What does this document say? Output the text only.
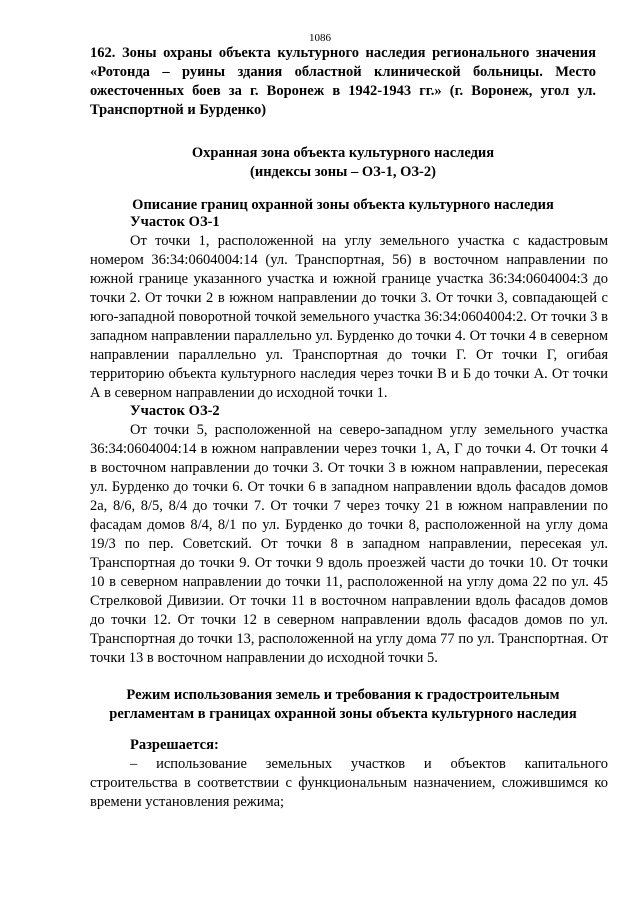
1086
162. Зоны охраны объекта культурного наследия регионального значения «Ротонда – руины здания областной клинической больницы. Место ожесточенных боев за г. Воронеж в 1942-1943 гг.» (г. Воронеж, угол ул. Транспортной и Бурденко)
Охранная зона объекта культурного наследия
(индексы зоны – ОЗ-1, ОЗ-2)
Описание границ охранной зоны объекта культурного наследия
Участок ОЗ-1

От точки 1, расположенной на углу земельного участка с кадастровым номером 36:34:0604004:14 (ул. Транспортная, 56) в восточном направлении по южной границе указанного участка и южной границе участка 36:34:0604004:3 до точки 2. От точки 2 в южном направлении до точки 3. От точки 3, совпадающей с юго-западной поворотной точкой земельного участка 36:34:0604004:2. От точки 3 в западном направлении параллельно ул. Бурденко до точки 4. От точки 4 в северном направлении параллельно ул. Транспортная до точки Г. От точки Г, огибая территорию объекта культурного наследия через точки В и Б до точки А. От точки А в северном направлении до исходной точки 1.

Участок ОЗ-2

От точки 5, расположенной на северо-западном углу земельного участка 36:34:0604004:14 в южном направлении через точки 1, А, Г до точки 4. От точки 4 в восточном направлении до точки 3. От точки 3 в южном направлении, пересекая ул. Бурденко до точки 6. От точки 6 в западном направлении вдоль фасадов домов 2а, 8/6, 8/5, 8/4 до точки 7. От точки 7 через точку 21 в южном направлении по фасадам домов 8/4, 8/1 по ул. Бурденко до точки 8, расположенной на углу дома 19/3 по пер. Советский. От точки 8 в западном направлении, пересекая ул. Транспортная до точки 9. От точки 9 вдоль проезжей части до точки 10. От точки 10 в северном направлении до точки 11, расположенной на углу дома 22 по ул. 45 Стрелковой Дивизии. От точки 11 в восточном направлении вдоль фасадов домов до точки 12. От точки 12 в северном направлении вдоль фасадов домов по ул. Транспортная до точки 13, расположенной на углу дома 77 по ул. Транспортная. От точки 13 в восточном направлении до исходной точки 5.

Режим использования земель и требования к градостроительным
регламентам в границах охранной зоны объекта культурного наследия
Разрешается:

– использование земельных участков и объектов капитального строительства в соответствии с функциональным назначением, сложившимся ко времени установления режима;
